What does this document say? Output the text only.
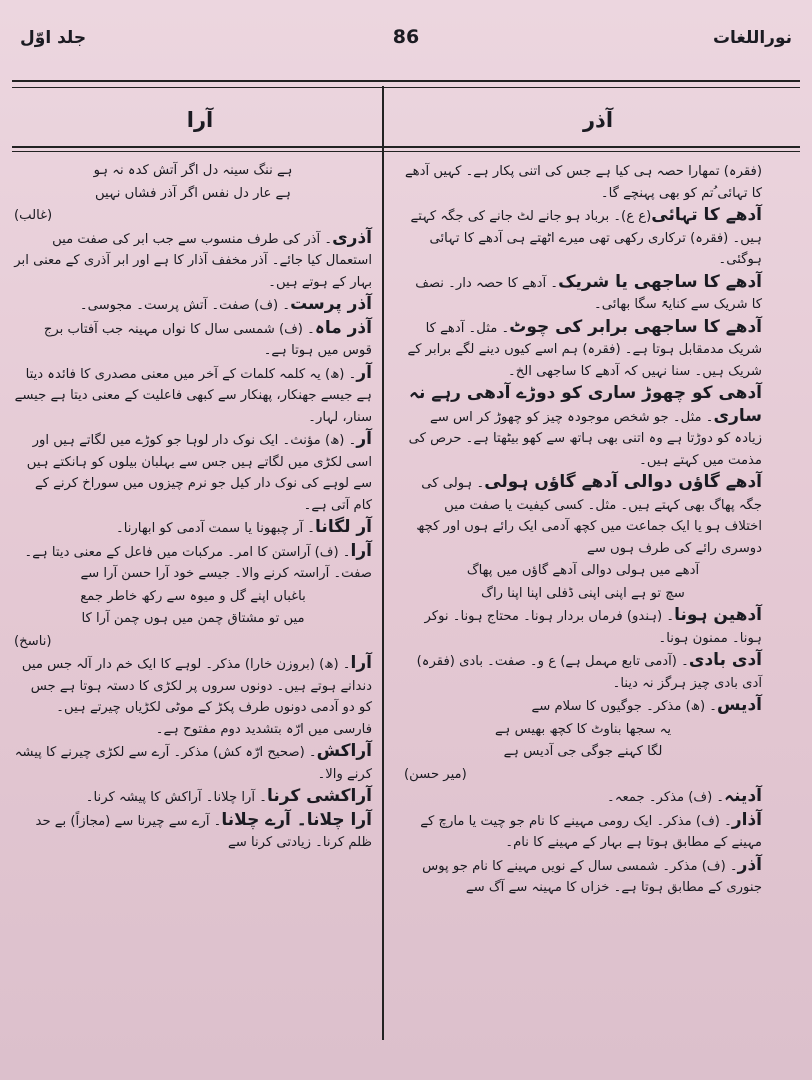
نوراللغات
86
جلد اوّل
آذر
آرا

(فقرہ) تمھارا حصہ ہی کیا ہے جس کی اتنی پکار ہے۔ کہیں آدھے کا تہائی ُتم کو بھی پہنچے گا۔

آدھے کا تہائی(ع ع)۔ برباد ہو جانے لٹ جانے کی جگہ کہتے ہیں۔ (فقرہ) ترکاری رکھی تھی میرے اٹھتے ہی آدھے کا تہائی ہوگئی۔

آدھے کا ساجھی یا شریک۔ آدھے کا حصہ دار۔ نصف کا شریک سے کنایۃً سگا بھائی۔

آدھے کا ساجھی برابر کی چوٹ۔ مثل۔ آدھے کا شریک مدمقابل ہوتا ہے۔ (فقرہ) ہم اسے کیوں دینے لگے برابر کے شریک ہیں۔ سنا نہیں کہ آدھے کا ساجھی الخ۔

آدھی کو چھوڑ ساری کو دوڑے آدھی رہے نہ ساری۔ مثل۔ جو شخص موجودہ چیز کو چھوڑ کر اس سے زیادہ کو دوڑتا ہے وہ اتنی بھی ہاتھ سے کھو بیٹھتا ہے۔ حرص کی مذمت میں کہتے ہیں۔

آدھے گاؤں دوالی آدھے گاؤں ہولی۔ ہولی کی جگہ پھاگ بھی کہتے ہیں۔ مثل۔ کسی کیفیت یا صفت میں اختلاف ہو یا ایک جماعت میں کچھ آدمی ایک رائے ہوں اور کچھ دوسری رائے کی طرف ہوں سے

آدھے میں ہولی دوالی آدھے گاؤں میں پھاگ

سچ تو ہے اپنی اپنی ڈفلی اپنا اپنا راگ

آدھین ہونا۔ (ہندو) فرماں بردار ہونا۔ محتاج ہونا۔ نوکر ہونا۔ ممنون ہونا۔

آدی بادی۔ (آدمی تابع مہمل ہے) ع و۔ صفت۔ بادی (فقرہ) آدی بادی چیز ہرگز نہ دینا۔

آدیس۔ (ھ) مذکر۔ جوگیوں کا سلام سے

یہ سجھا بناوٹ کا کچھ بھیس ہے

لگا کہنے جوگی جی آدیس ہے

(میر حسن)

آدینہ۔ (ف) مذکر۔ جمعہ۔

آذار۔ (ف) مذکر۔ ایک رومی مہینے کا نام جو چیت یا مارچ کے مہینے کے مطابق ہوتا ہے بہار کے مہینے کا نام۔

آذر۔ (ف) مذکر۔ شمسی سال کے نویں مہینے کا نام جو پوس جنوری کے مطابق ہوتا ہے۔ خزاں کا مہینہ سے آگ سے

ہے ننگ سینہ دل اگر آتش کدہ نہ ہو

ہے عار دل نفس اگر آذر فشاں نہیں

(غالب)

آذری۔ آذر کی طرف منسوب سے جب ابر کی صفت میں استعمال کیا جائے۔ آذر مخفف آذار کا ہے اور ابر آذری کے معنی ابر بہار کے ہوتے ہیں۔

آذر پرست۔ (ف) صفت۔ آتش پرست۔ مجوسی۔

آذر ماہ۔ (ف) شمسی سال کا نواں مہینہ جب آفتاب برج قوس میں ہوتا ہے۔

آر۔ (ھ) یہ کلمہ کلمات کے آخر میں معنی مصدری کا فائدہ دیتا ہے جیسے جھنکار، پھنکار سے کبھی فاعلیت کے معنی دیتا ہے جیسے سنار، لہار۔

آر۔ (ھ) مؤنث۔ ایک نوک دار لوہا جو کوڑے میں لگاتے ہیں اور اسی لکڑی میں لگاتے ہیں جس سے بہلبان بیلوں کو ہانکتے ہیں سے لوہے کی نوک دار کیل جو نرم چیزوں میں سوراخ کرنے کے کام آتی ہے۔

آر لگانا۔ آر چبھونا یا سمت آدمی کو ابھارنا۔

آرا۔ (ف) آراستن کا امر۔ مرکبات میں فاعل کے معنی دیتا ہے۔ صفت۔ آراستہ کرنے والا۔ جیسے خود آرا حسن آرا سے

باغباں اپنے گل و میوہ سے رکھ خاطر جمع

میں تو مشتاق چمن میں ہوں چمن آرا کا

(ناسخ)

آرا۔ (ھ) (بروزن خارا) مذکر۔ لوہے کا ایک خم دار آلہ جس میں دندانے ہوتے ہیں۔ دونوں سروں پر لکڑی کا دستہ ہوتا ہے جس کو دو آدمی دونوں طرف پکڑ کے موٹی لکڑیاں چیرتے ہیں۔ فارسی میں ارّہ بتشدید دوم مفتوح ہے۔

آراکش۔ (صحیح ارّہ کش) مذکر۔ آرے سے لکڑی چیرنے کا پیشہ کرنے والا۔

آراکشی کرنا۔ آرا چلانا۔ آراکش کا پیشہ کرنا۔

آرا چلانا۔ آرے چلانا۔ آرے سے چیرنا سے (مجازاً) بے حد ظلم کرنا۔ زیادتی کرنا سے
